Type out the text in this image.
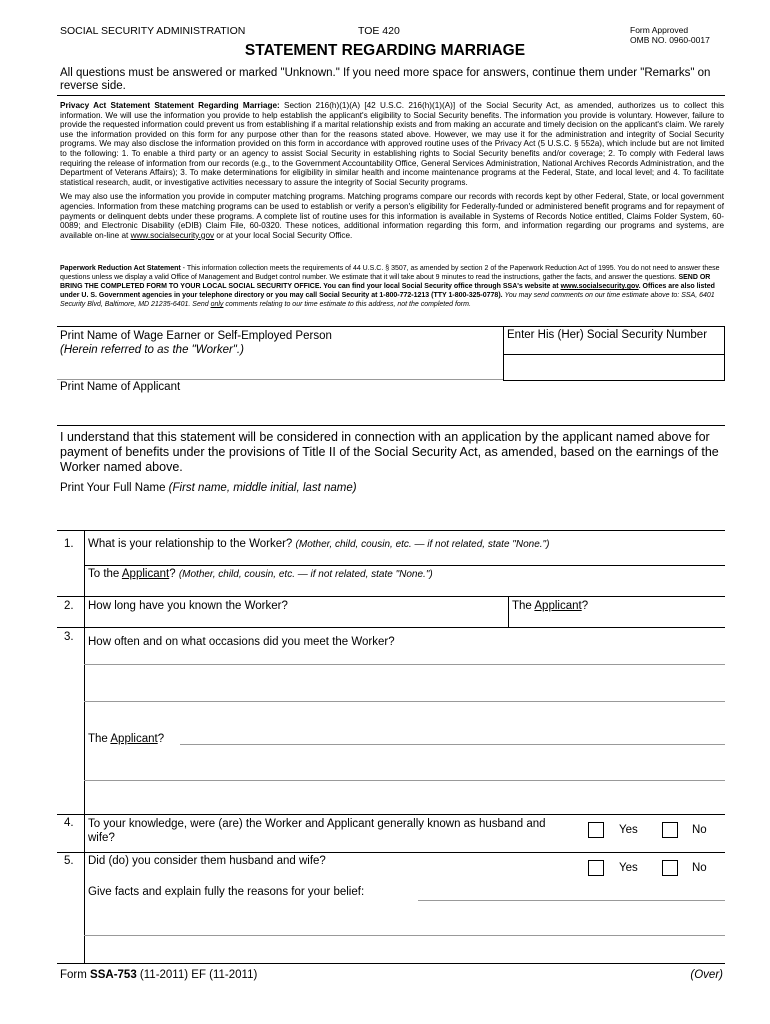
SOCIAL SECURITY ADMINISTRATION	TOE 420	Form Approved
OMB NO. 0960-0017
STATEMENT REGARDING MARRIAGE
All questions must be answered or marked "Unknown." If you need more space for answers, continue them under "Remarks" on reverse side.

Privacy Act Statement Statement Regarding Marriage: Section 216(h)(1)(A) [42 U.S.C. 216(h)(1)(A)] of the Social Security Act, as amended, authorizes us to collect this information. We will use the information you provide to help establish the applicant's eligibility to Social Security benefits. The information you provide is voluntary. However, failure to provide the requested information could prevent us from establishing if a marital relationship exists and from making an accurate and timely decision on the applicant's claim. We rarely use the information provided on this form for any purpose other than for the reasons stated above. However, we may use it for the administration and integrity of Social Security programs. We may also disclose the information provided on this form in accordance with approved routine uses of the Privacy Act (5 U.S.C. § 552a), which include but are not limited to the following: 1. To enable a third party or an agency to assist Social Security in establishing rights to Social Security benefits and/or coverage; 2. To comply with Federal laws requiring the release of information from our records (e.g., to the Government Accountability Office, General Services Administration, National Archives Records Administration, and the Department of Veterans Affairs); 3. To make determinations for eligibility in similar health and income maintenance programs at the Federal, State, and local level; and 4. To facilitate statistical research, audit, or investigative activities necessary to assure the integrity of Social Security programs.

We may also use the information you provide in computer matching programs. Matching programs compare our records with records kept by other Federal, State, or local government agencies. Information from these matching programs can be used to establish or verify a person's eligibility for Federally-funded or administered benefit programs and for repayment of payments or delinquent debts under these programs. A complete list of routine uses for this information is available in Systems of Records Notice entitled, Claims Folder System, 60-0089; and Electronic Disability (eDIB) Claim File, 60-0320. These notices, additional information regarding this form, and information regarding our programs and systems, are available on-line at www.socialsecurity.gov or at your local Social Security Office.

Paperwork Reduction Act Statement - This information collection meets the requirements of 44 U.S.C. § 3507, as amended by section 2 of the Paperwork Reduction Act of 1995. You do not need to answer these questions unless we display a valid Office of Management and Budget control number. We estimate that it will take about 9 minutes to read the instructions, gather the facts, and answer the questions. SEND OR BRING THE COMPLETED FORM TO YOUR LOCAL SOCIAL SECURITY OFFICE. You can find your local Social Security office through SSA's website at www.socialsecurity.gov. Offices are also listed under U. S. Government agencies in your telephone directory or you may call Social Security at 1-800-772-1213 (TTY 1-800-325-0778). You may send comments on our time estimate above to: SSA, 6401 Security Blvd, Baltimore, MD 21235-6401. Send only comments relating to our time estimate to this address, not the completed form.
Print Name of Wage Earner or Self-Employed Person
(Herein referred to as the "Worker".)
Enter His (Her) Social Security Number
Print Name of Applicant
I understand that this statement will be considered in connection with an application by the applicant named above for payment of benefits under the provisions of Title II of the Social Security Act, as amended, based on the earnings of the Worker named above.
Print Your Full Name (First name, middle initial, last name)
1. What is your relationship to the Worker? (Mother, child, cousin, etc. — if not related, state "None.")
To the Applicant? (Mother, child, cousin, etc. — if not related, state "None.")
2. How long have you known the Worker?	The Applicant?
3. How often and on what occasions did you meet the Worker?
The Applicant?
4. To your knowledge, were (are) the Worker and Applicant generally known as husband and wife?
Yes	No
5. Did (do) you consider them husband and wife?
Yes	No
Give facts and explain fully the reasons for your belief:
Form SSA-753 (11-2011) EF (11-2011)	(Over)
